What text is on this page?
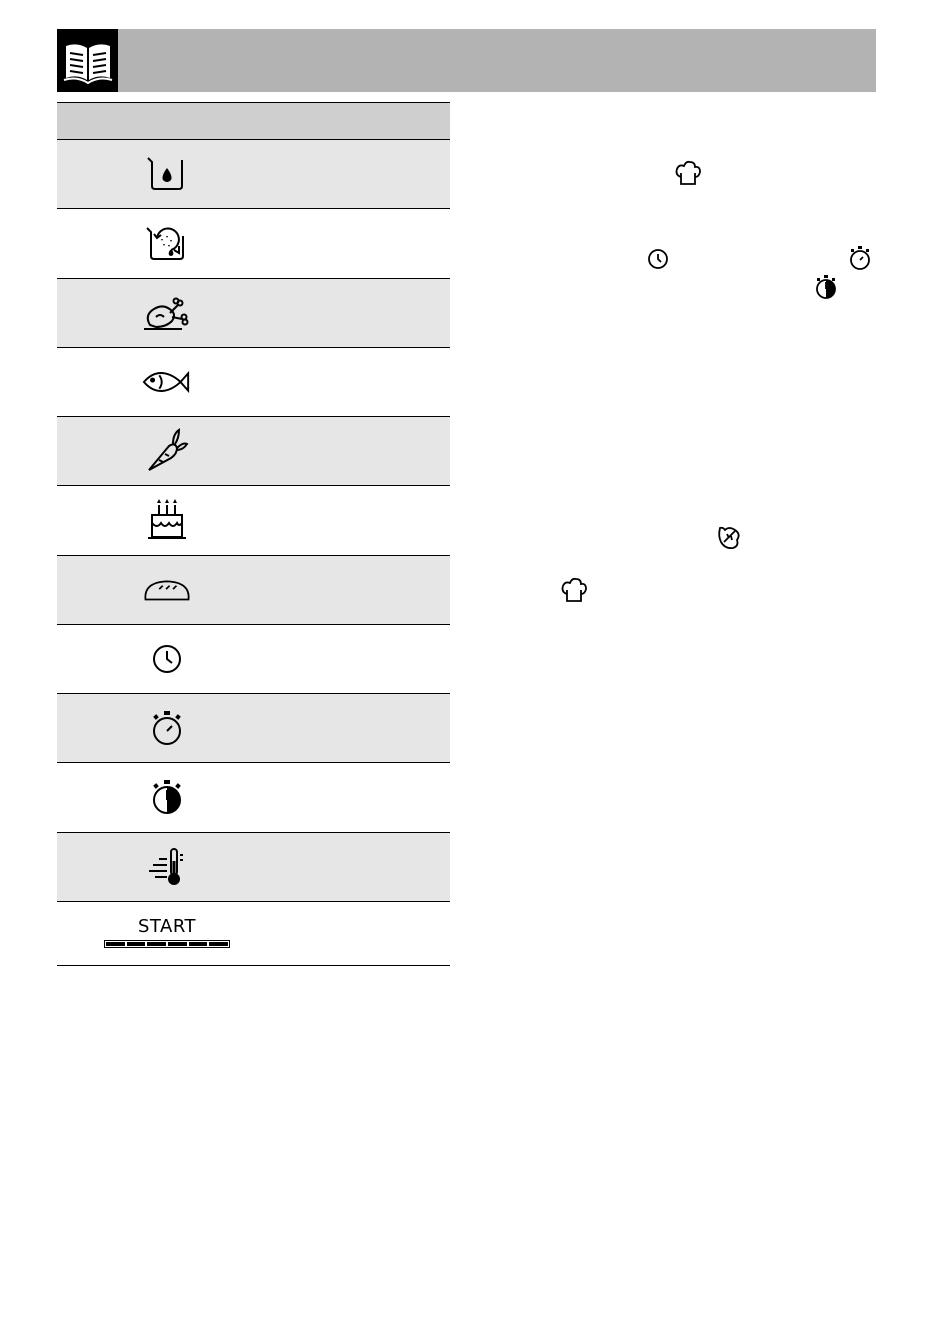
START
